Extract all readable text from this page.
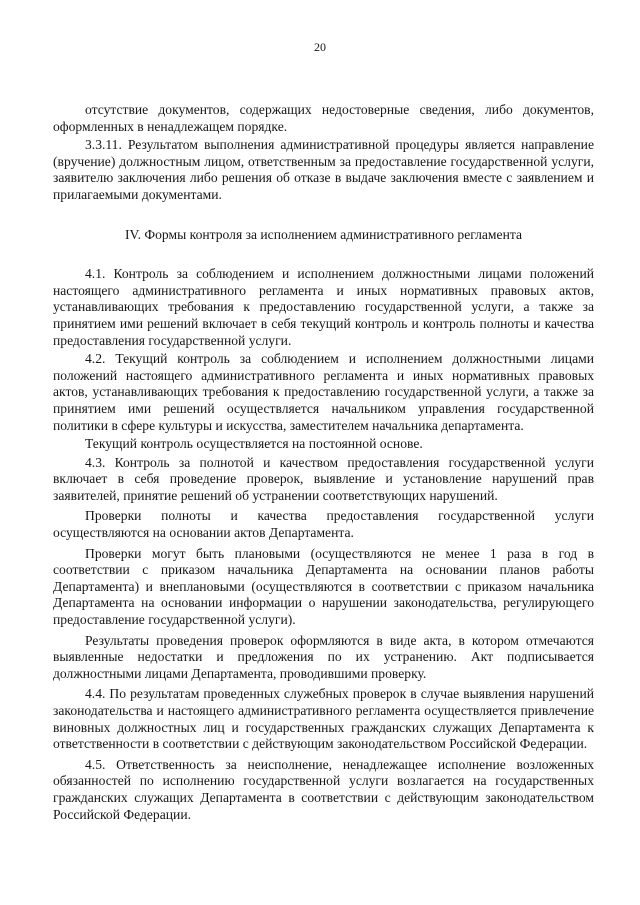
20

отсутствие документов, содержащих недостоверные сведения, либо документов, оформленных в ненадлежащем порядке.

3.3.11. Результатом выполнения административной процедуры является направление (вручение) должностным лицом, ответственным за предоставление государственной услуги, заявителю заключения либо решения об отказе в выдаче заключения вместе с заявлением и прилагаемыми документами.

IV. Формы контроля за исполнением административного регламента

4.1. Контроль за соблюдением и исполнением должностными лицами положений настоящего административного регламента и иных нормативных правовых актов, устанавливающих требования к предоставлению государственной услуги, а также за принятием ими решений включает в себя текущий контроль и контроль полноты и качества предоставления государственной услуги.

4.2. Текущий контроль за соблюдением и исполнением должностными лицами положений настоящего административного регламента и иных нормативных правовых актов, устанавливающих требования к предоставлению государственной услуги, а также за принятием ими решений осуществляется начальником управления государственной политики в сфере культуры и искусства, заместителем начальника департамента.

Текущий контроль осуществляется на постоянной основе.

4.3. Контроль за полнотой и качеством предоставления государственной услуги включает в себя проведение проверок, выявление и установление нарушений прав заявителей, принятие решений об устранении соответствующих нарушений.

Проверки полноты и качества предоставления государственной услуги осуществляются на основании актов Департамента.

Проверки могут быть плановыми (осуществляются не менее 1 раза в год в соответствии с приказом начальника Департамента на основании планов работы Департамента) и внеплановыми (осуществляются в соответствии с приказом начальника Департамента на основании информации о нарушении законодательства, регулирующего предоставление государственной услуги).

Результаты проведения проверок оформляются в виде акта, в котором отмечаются выявленные недостатки и предложения по их устранению. Акт подписывается должностными лицами Департамента, проводившими проверку.

4.4. По результатам проведенных служебных проверок в случае выявления нарушений законодательства и настоящего административного регламента осуществляется привлечение виновных должностных лиц и государственных гражданских служащих Департамента к ответственности в соответствии с действующим законодательством Российской Федерации.

4.5. Ответственность за неисполнение, ненадлежащее исполнение возложенных обязанностей по исполнению государственной услуги возлагается на государственных гражданских служащих Департамента в соответствии с действующим законодательством Российской Федерации.
